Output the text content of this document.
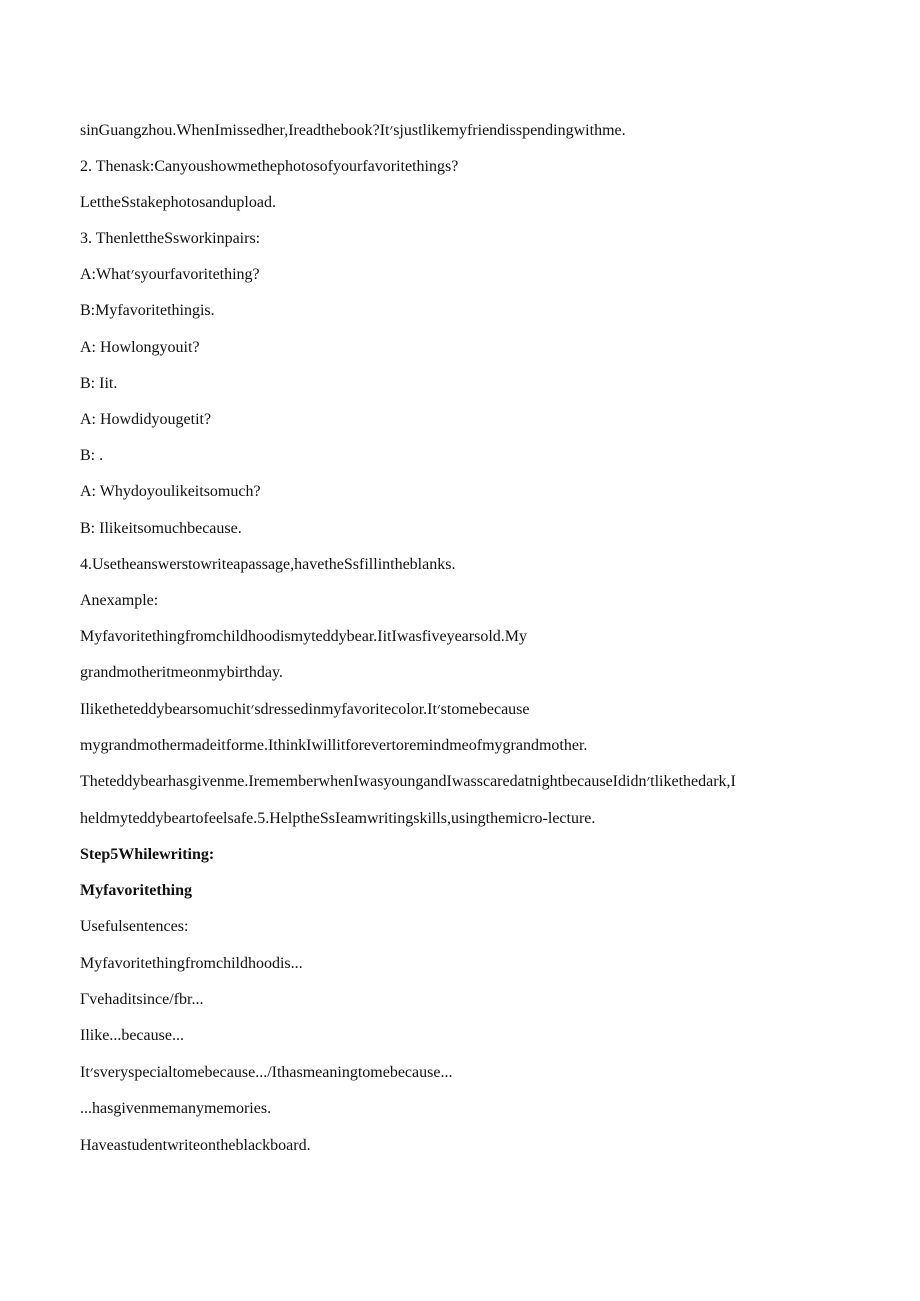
sinGuangzhou.WhenImissedher,Ireadthebook?It׳sjustlikemyfriendisspendingwithme.
2. Thenask:Canyoushowmethephotosofyourfavoritethings?
LettheSstakephotosandupload.
3. ThenlettheSsworkinpairs:
A:What׳syourfavoritething?
B:Myfavoritethingis.
A: Howlongyouit?
B: Iit.
A: Howdidyougetit?
B: .
A: Whydoyoulikeitsomuch?
B: Ilikeitsomuchbecause.
4.Usetheanswerstowriteapassage,havetheSsfillintheblanks.
Anexample:
Myfavoritethingfromchildhoodismyteddybear.IitIwasfiveyearsold.My
grandmotheritmeonmybirthday.
Iliketheteddybearsomuchit׳sdressedinmyfavoritecolor.It׳stomebecause
mygrandmothermadeitforme.IthinkIwillitforevertoremindmeofmygrandmother.
Theteddybearhasgivenme.IrememberwhenIwasyoungandIwasscaredatnightbecauseIdidn׳tlikethedark,I
heldmyteddybeartofeelsafe.5.HelptheSsIeamwritingskills,usingthemicro-lecture.
Step5Whilewriting:
Myfavoritething
Usefulsentences:
Myfavoritethingfromchildhoodis...
Γvehaditsince/fbr...
Ilike...because...
It׳sveryspecialtomebecause.../Ithasmeaningtomebecause...
...hasgivenmemanymemories.
Haveastudentwriteontheblackboard.
